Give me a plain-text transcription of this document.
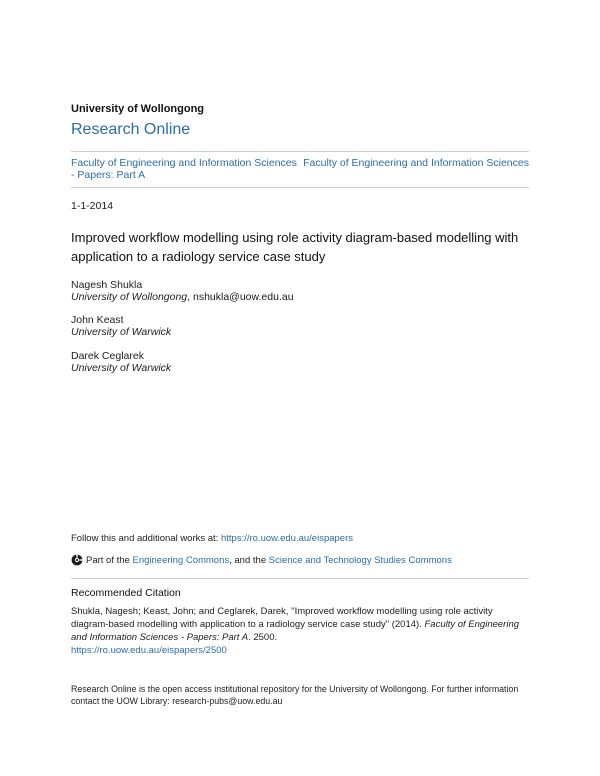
University of Wollongong
Research Online
Faculty of Engineering and Information Sciences - Papers: Part A
Faculty of Engineering and Information Sciences
1-1-2014
Improved workflow modelling using role activity diagram-based modelling with application to a radiology service case study
Nagesh Shukla
University of Wollongong, nshukla@uow.edu.au
John Keast
University of Warwick
Darek Ceglarek
University of Warwick
Follow this and additional works at: https://ro.uow.edu.au/eispapers
Part of the Engineering Commons, and the Science and Technology Studies Commons
Recommended Citation
Shukla, Nagesh; Keast, John; and Ceglarek, Darek, "Improved workflow modelling using role activity diagram-based modelling with application to a radiology service case study" (2014). Faculty of Engineering and Information Sciences - Papers: Part A. 2500.
https://ro.uow.edu.au/eispapers/2500
Research Online is the open access institutional repository for the University of Wollongong. For further information contact the UOW Library: research-pubs@uow.edu.au
